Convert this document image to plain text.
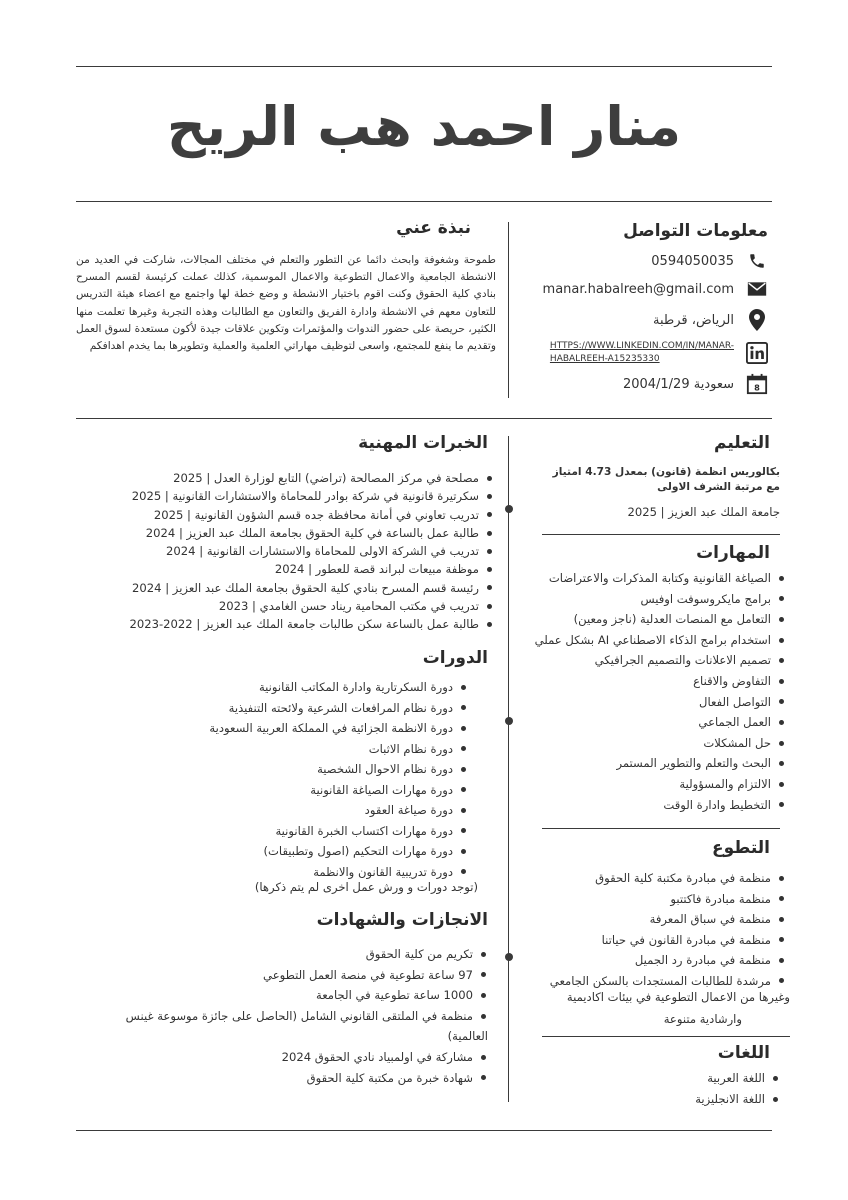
منار احمد هب الريح
معلومات التواصل
0594050035
manar.habalreeh@gmail.com
الرياض، قرطبة
HTTPS://WWW.LINKEDIN.COM/IN/MANAR-
HABALREEH-A15235330
8
سعودية 2004/1/29
نبذة عني
طموحة وشغوفة وابحث دائما عن التطور والتعلم في مختلف المجالات، شاركت في العديد من الانشطة الجامعية والاعمال التطوعية والاعمال الموسمية، كذلك عملت كرئيسة لقسم المسرح بنادي كلية الحقوق وكنت اقوم باختيار الانشطة و وضع خطة لها واجتمع مع اعضاء هيئة التدريس للتعاون معهم في الانشطة وادارة الفريق والتعاون مع الطالبات وهذه التجربة وغيرها تعلمت منها الكثير، حريصة على حضور الندوات والمؤتمرات وتكوين علاقات جيدة لأكون مستعدة لسوق العمل وتقديم ما ينفع للمجتمع، واسعى لتوظيف مهاراتي العلمية والعملية وتطويرها بما يخدم اهدافكم
التعليم
بكالوريس انظمة (قانون) بمعدل 4.73 امتياز
مع مرتبة الشرف الاولى
جامعة الملك عبد العزيز | 2025
المهارات
الصياغة القانونية وكتابة المذكرات والاعتراضات
برامج مايكروسوفت اوفيس
التعامل مع المنصات العدلية (ناجز ومعين)
استخدام برامج الذكاء الاصطناعي AI بشكل عملي
تصميم الاعلانات والتصميم الجرافيكي
التفاوض والاقناع
التواصل الفعال
العمل الجماعي
حل المشكلات
البحث والتعلم والتطوير المستمر
الالتزام والمسؤولية
التخطيط وادارة الوقت
التطوع
منظمة في مبادرة مكتبة كلية الحقوق
منظمة مبادرة فاكتتبو
منظمة في سباق المعرفة
منظمة في مبادرة القانون في حياتنا
منظمة في مبادرة رد الجميل
مرشدة للطالبات المستجدات بالسكن الجامعي
وغيرها من الاعمال التطوعية في بيئات اكاديمية
وارشادية متنوعة
اللغات
اللغة العربية
اللغة الانجليزية
الخبرات المهنية
مصلحة في مركز المصالحة (تراضي) التابع لوزارة العدل | 2025
سكرتيرة قانونية في شركة بوادر للمحاماة والاستشارات القانونية | 2025
تدريب تعاوني في أمانة محافظة جده قسم الشؤون القانونية | 2025
طالبة عمل بالساعة في كلية الحقوق بجامعة الملك عبد العزيز | 2024
تدريب في الشركة الاولى للمحاماة والاستشارات القانونية | 2024
موظفة مبيعات لبراند قصة للعطور | 2024
رئيسة قسم المسرح بنادي كلية الحقوق بجامعة الملك عبد العزيز | 2024
تدريب في مكتب المحامية ريناد حسن الغامدي | 2023
طالبة عمل بالساعة سكن طالبات جامعة الملك عبد العزيز | 2022-2023
الدورات
دورة السكرتارية وادارة المكاتب القانونية
دورة نظام المرافعات الشرعية ولائحته التنفيذية
دورة الانظمة الجزائية في المملكة العربية السعودية
دورة نظام الاثبات
دورة نظام الاحوال الشخصية
دورة مهارات الصياغة القانونية
دورة صياغة العقود
دورة مهارات اكتساب الخبرة القانونية
دورة مهارات التحكيم (اصول وتطبيقات)
دورة تدريبية القانون والانظمة
(توجد دورات و ورش عمل اخرى لم يتم ذكرها)
الانجازات والشهادات
تكريم من كلية الحقوق
97 ساعة تطوعية في منصة العمل التطوعي
1000 ساعة تطوعية في الجامعة
منظمة في الملتقى القانوني الشامل (الحاصل على جائزة موسوعة غينس
العالمية)
مشاركة في اولمبياد نادي الحقوق 2024
شهادة خبرة من مكتبة كلية الحقوق
